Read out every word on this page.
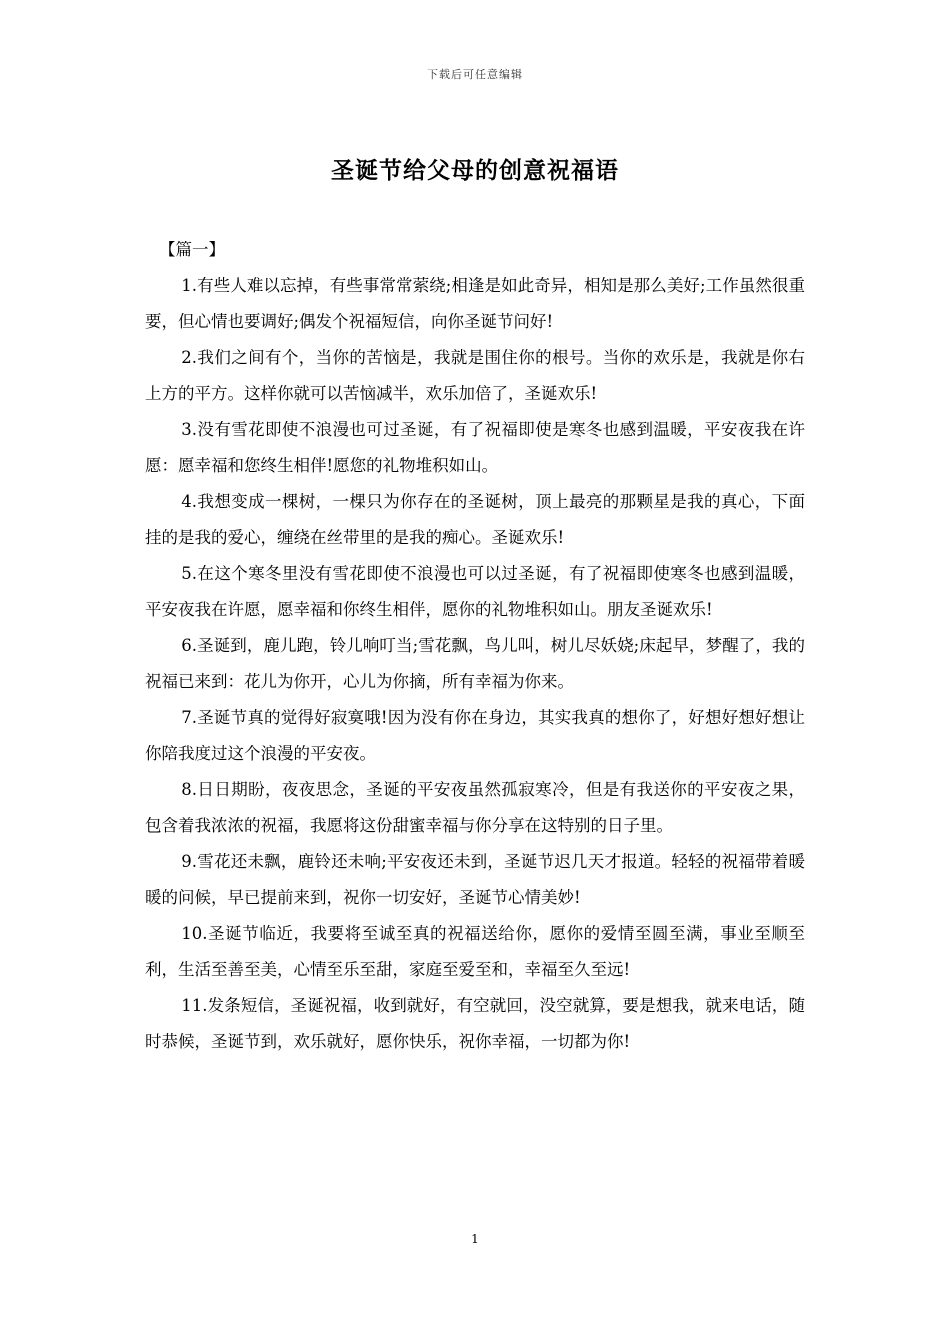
下载后可任意编辑
圣诞节给父母的创意祝福语

【篇一】

1.有些人难以忘掉，有些事常常萦绕;相逢是如此奇异，相知是那么美好;工作虽然很重要，但心情也要调好;偶发个祝福短信，向你圣诞节问好!

2.我们之间有个，当你的苦恼是，我就是围住你的根号。当你的欢乐是，我就是你右上方的平方。这样你就可以苦恼减半，欢乐加倍了，圣诞欢乐!

3.没有雪花即使不浪漫也可过圣诞，有了祝福即使是寒冬也感到温暖，平安夜我在许愿：愿幸福和您终生相伴!愿您的礼物堆积如山。

4.我想变成一棵树，一棵只为你存在的圣诞树，顶上最亮的那颗星是我的真心，下面挂的是我的爱心，缠绕在丝带里的是我的痴心。圣诞欢乐!

5.在这个寒冬里没有雪花即使不浪漫也可以过圣诞，有了祝福即使寒冬也感到温暖，平安夜我在许愿，愿幸福和你终生相伴，愿你的礼物堆积如山。朋友圣诞欢乐!

6.圣诞到，鹿儿跑，铃儿响叮当;雪花飘，鸟儿叫，树儿尽妖娆;床起早，梦醒了，我的祝福已来到：花儿为你开，心儿为你摘，所有幸福为你来。

7.圣诞节真的觉得好寂寞哦!因为没有你在身边，其实我真的想你了，好想好想好想让你陪我度过这个浪漫的平安夜。

8.日日期盼，夜夜思念，圣诞的平安夜虽然孤寂寒冷，但是有我送你的平安夜之果，包含着我浓浓的祝福，我愿将这份甜蜜幸福与你分享在这特别的日子里。

9.雪花还未飘，鹿铃还未响;平安夜还未到，圣诞节迟几天才报道。轻轻的祝福带着暖暖的问候，早已提前来到，祝你一切安好，圣诞节心情美妙!

10.圣诞节临近，我要将至诚至真的祝福送给你，愿你的爱情至圆至满，事业至顺至利，生活至善至美，心情至乐至甜，家庭至爱至和，幸福至久至远!

11.发条短信，圣诞祝福，收到就好，有空就回，没空就算，要是想我，就来电话，随时恭候，圣诞节到，欢乐就好，愿你快乐，祝你幸福，一切都为你!

1
